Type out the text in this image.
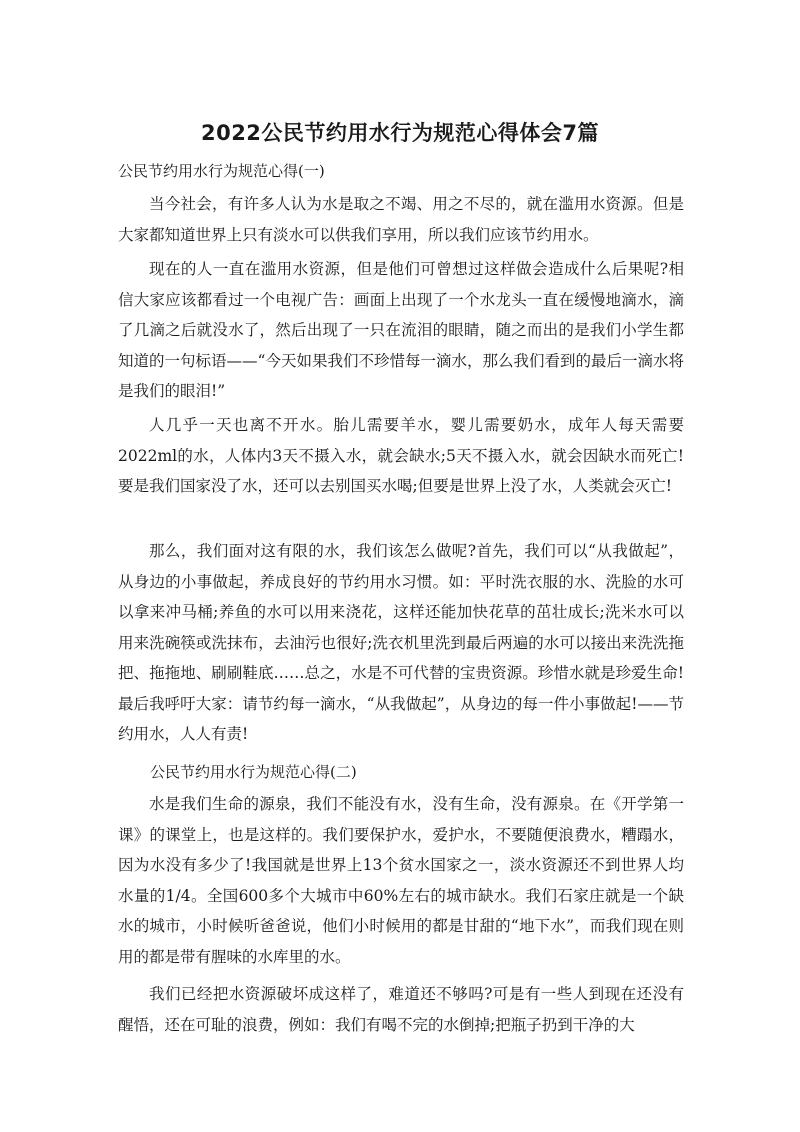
2022公民节约用水行为规范心得体会7篇
公民节约用水行为规范心得(一)
当今社会，有许多人认为水是取之不竭、用之不尽的，就在滥用水资源。但是大家都知道世界上只有淡水可以供我们享用，所以我们应该节约用水。
现在的人一直在滥用水资源，但是他们可曾想过这样做会造成什么后果呢?相信大家应该都看过一个电视广告：画面上出现了一个水龙头一直在缓慢地滴水，滴了几滴之后就没水了，然后出现了一只在流泪的眼睛，随之而出的是我们小学生都知道的一句标语——“今天如果我们不珍惜每一滴水，那么我们看到的最后一滴水将是我们的眼泪!”
人几乎一天也离不开水。胎儿需要羊水，婴儿需要奶水，成年人每天需要2022ml的水，人体内3天不摄入水，就会缺水;5天不摄入水，就会因缺水而死亡!要是我们国家没了水，还可以去别国买水喝;但要是世界上没了水，人类就会灭亡!
那么，我们面对这有限的水，我们该怎么做呢?首先，我们可以“从我做起”，从身边的小事做起，养成良好的节约用水习惯。如：平时洗衣服的水、洗脸的水可以拿来冲马桶;养鱼的水可以用来浇花，这样还能加快花草的茁壮成长;洗米水可以用来洗碗筷或洗抹布，去油污也很好;洗衣机里洗到最后两遍的水可以接出来洗洗拖把、拖拖地、刷刷鞋底……总之，水是不可代替的宝贵资源。珍惜水就是珍爱生命!最后我呼吁大家：请节约每一滴水，“从我做起”，从身边的每一件小事做起!——节约用水，人人有责!
公民节约用水行为规范心得(二)
水是我们生命的源泉，我们不能没有水，没有生命，没有源泉。在《开学第一课》的课堂上，也是这样的。我们要保护水，爱护水，不要随便浪费水，糟蹋水，因为水没有多少了!我国就是世界上13个贫水国家之一，淡水资源还不到世界人均水量的1/4。全国600多个大城市中60%左右的城市缺水。我们石家庄就是一个缺水的城市，小时候听爸爸说，他们小时候用的都是甘甜的“地下水”，而我们现在则用的都是带有腥味的水库里的水。
我们已经把水资源破坏成这样了，难道还不够吗?可是有一些人到现在还没有醒悟，还在可耻的浪费，例如：我们有喝不完的水倒掉;把瓶子扔到干净的大
